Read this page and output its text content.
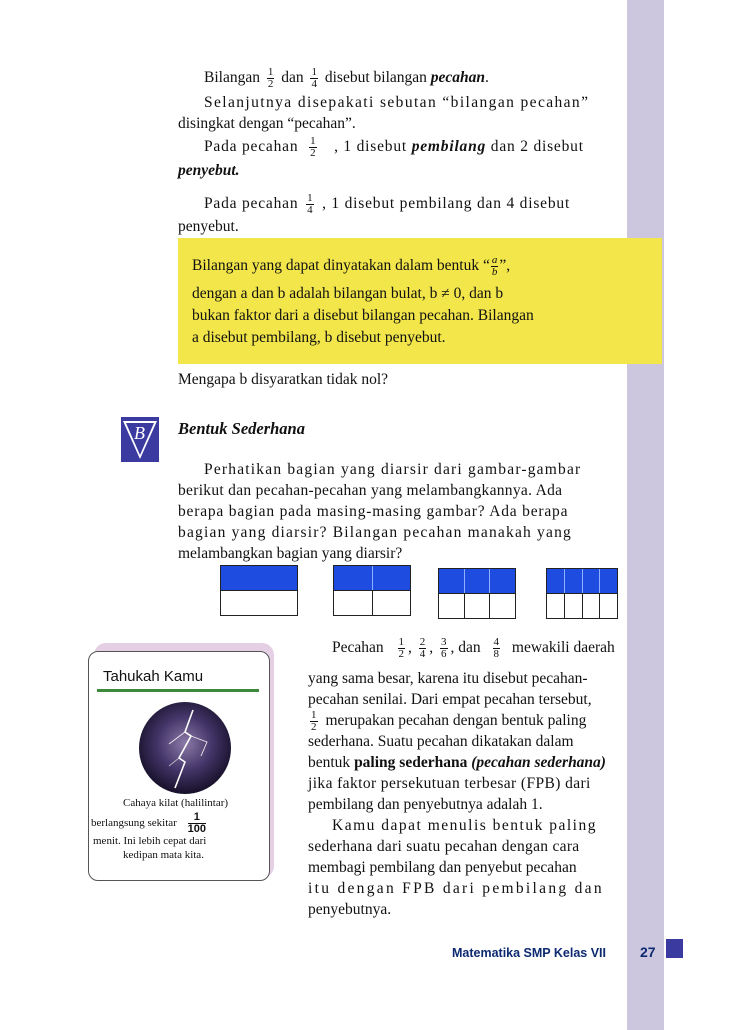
Bilangan $\frac{1}{2}$ dan $\frac{1}{4}$ disebut bilangan pecahan.
Selanjutnya disepakati sebutan “bilangan pecahan”
disingkat dengan “pecahan”.
Pada pecahan $\frac{1}{2}$ , 1 disebut pembilang dan 2 disebut
penyebut.
Pada pecahan $\frac{1}{4}$ , 1 disebut pembilang dan 4 disebut
penyebut.
Bilangan yang dapat dinyatakan dalam bentuk “ $\frac{a}{b}$ ”,
dengan a dan b adalah bilangan bulat, b ≠ 0, dan b
bukan faktor dari a disebut bilangan pecahan. Bilangan
a disebut pembilang, b disebut penyebut.
Mengapa b disyaratkan tidak nol?
B Bentuk Sederhana
Perhatikan bagian yang diarsir dari gambar-gambar
berikut dan pecahan-pecahan yang melambangkannya. Ada
berapa bagian pada masing-masing gambar? Ada berapa
bagian yang diarsir? Bilangan pecahan manakah yang
melambangkan bagian yang diarsir?
Tahukah Kamu
Cahaya kilat (halilintar)
berlangsung sekitar $\frac{1}{100}$
menit. Ini lebih cepat dari
kedipan mata kita.
Pecahan $\frac{1}{2}$ , $\frac{2}{4}$ , $\frac{3}{6}$ , dan $\frac{4}{8}$ mewakili daerah
yang sama besar, karena itu disebut pecahan-
pecahan senilai. Dari empat pecahan tersebut,
$\frac{1}{2}$ merupakan pecahan dengan bentuk paling
sederhana. Suatu pecahan dikatakan dalam
bentuk paling sederhana (pecahan sederhana)
jika faktor persekutuan terbesar (FPB) dari
pembilang dan penyebutnya adalah 1.
Kamu dapat menulis bentuk paling
sederhana dari suatu pecahan dengan cara
membagi pembilang dan penyebut pecahan
itu dengan FPB dari pembilang dan
penyebutnya.
Matematika SMP Kelas VII 27
